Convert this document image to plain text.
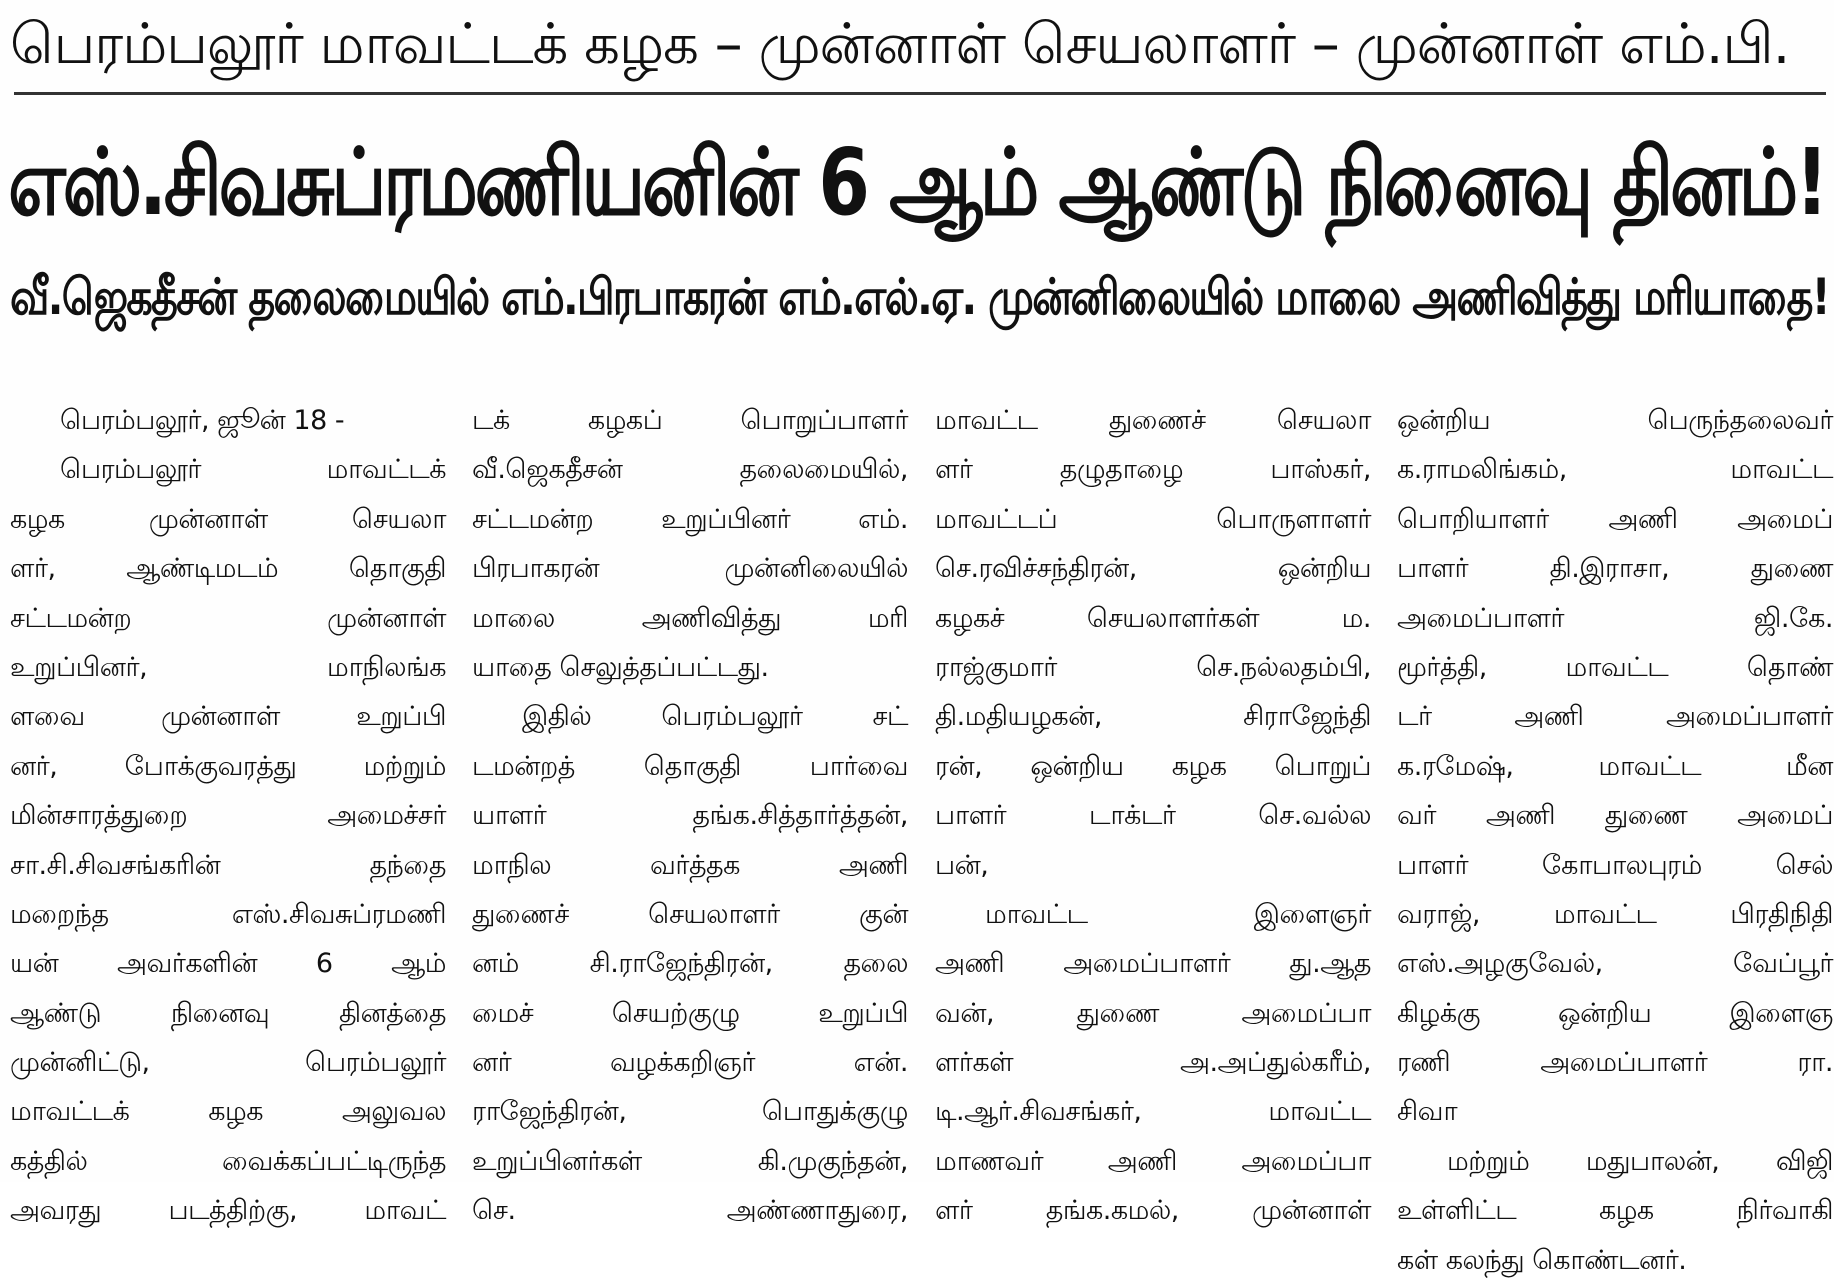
பெரம்பலூர் மாவட்டக் கழக – முன்னாள் செயலாளர் – முன்னாள் எம்.பி.
எஸ்.சிவசுப்ரமணியனின் 6 ஆம் ஆண்டு நினைவு தினம்!
வீ.ஜெகதீசன் தலைமையில் எம்.பிரபாகரன் எம்.எல்.ஏ. முன்னிலையில் மாலை அணிவித்து மரியாதை!
பெரம்பலூர், ஜூன் 18 -
பெரம்பலூர் மாவட்டக்
கழக முன்னாள் செயலா
ளர், ஆண்டிமடம் தொகுதி
சட்டமன்ற முன்னாள்
உறுப்பினர், மாநிலங்க
ளவை முன்னாள் உறுப்பி
னர், போக்குவரத்து மற்றும்
மின்சாரத்துறை அமைச்சர்
சா.சி.சிவசங்கரின் தந்தை
மறைந்த எஸ்.சிவசுப்ரமணி
யன் அவர்களின் 6 ஆம்
ஆண்டு நினைவு தினத்தை
முன்னிட்டு, பெரம்பலூர்
மாவட்டக் கழக அலுவல
கத்தில் வைக்கப்பட்டிருந்த
அவரது படத்திற்கு, மாவட்
டக் கழகப் பொறுப்பாளர்
வீ.ஜெகதீசன் தலைமையில்,
சட்டமன்ற உறுப்பினர் எம்.
பிரபாகரன் முன்னிலையில்
மாலை அணிவித்து மரி
யாதை செலுத்தப்பட்டது.
இதில் பெரம்பலூர் சட்
டமன்றத் தொகுதி பார்வை
யாளர் தங்க.சித்தார்த்தன்,
மாநில வர்த்தக அணி
துணைச் செயலாளர் குன்
னம் சி.ராஜேந்திரன், தலை
மைச் செயற்குழு உறுப்பி
னர் வழக்கறிஞர் என்.
ராஜேந்திரன், பொதுக்குழு
உறுப்பினர்கள் கி.முகுந்தன்,
செ. அண்ணாதுரை,
மாவட்ட துணைச் செயலா
ளர் தழுதாழை பாஸ்கர்,
மாவட்டப் பொருளாளர்
செ.ரவிச்சந்திரன், ஒன்றிய
கழகச் செயலாளர்கள் ம.
ராஜ்குமார் செ.நல்லதம்பி,
தி.மதியழகன், சிராஜேந்தி
ரன், ஒன்றிய கழக பொறுப்
பாளர் டாக்டர் செ.வல்ல
பன்,
மாவட்ட இளைஞர்
அணி அமைப்பாளர் து.ஆத
வன், துணை அமைப்பா
ளர்கள் அ.அப்துல்கரீம்,
டி.ஆர்.சிவசங்கர், மாவட்ட
மாணவர் அணி அமைப்பா
ளர் தங்க.கமல், முன்னாள்
ஒன்றிய பெருந்தலைவர்
க.ராமலிங்கம், மாவட்ட
பொறியாளர் அணி அமைப்
பாளர் தி.இராசா, துணை
அமைப்பாளர் ஜி.கே.
மூர்த்தி, மாவட்ட தொண்
டர் அணி அமைப்பாளர்
க.ரமேஷ், மாவட்ட மீன
வர் அணி துணை அமைப்
பாளர் கோபாலபுரம் செல்
வராஜ், மாவட்ட பிரதிநிதி
எஸ்.அழகுவேல், வேப்பூர்
கிழக்கு ஒன்றிய இளைஞ
ரணி அமைப்பாளர் ரா.
சிவா
மற்றும் மதுபாலன், விஜி
உள்ளிட்ட கழக நிர்வாகி
கள் கலந்து கொண்டனர்.
